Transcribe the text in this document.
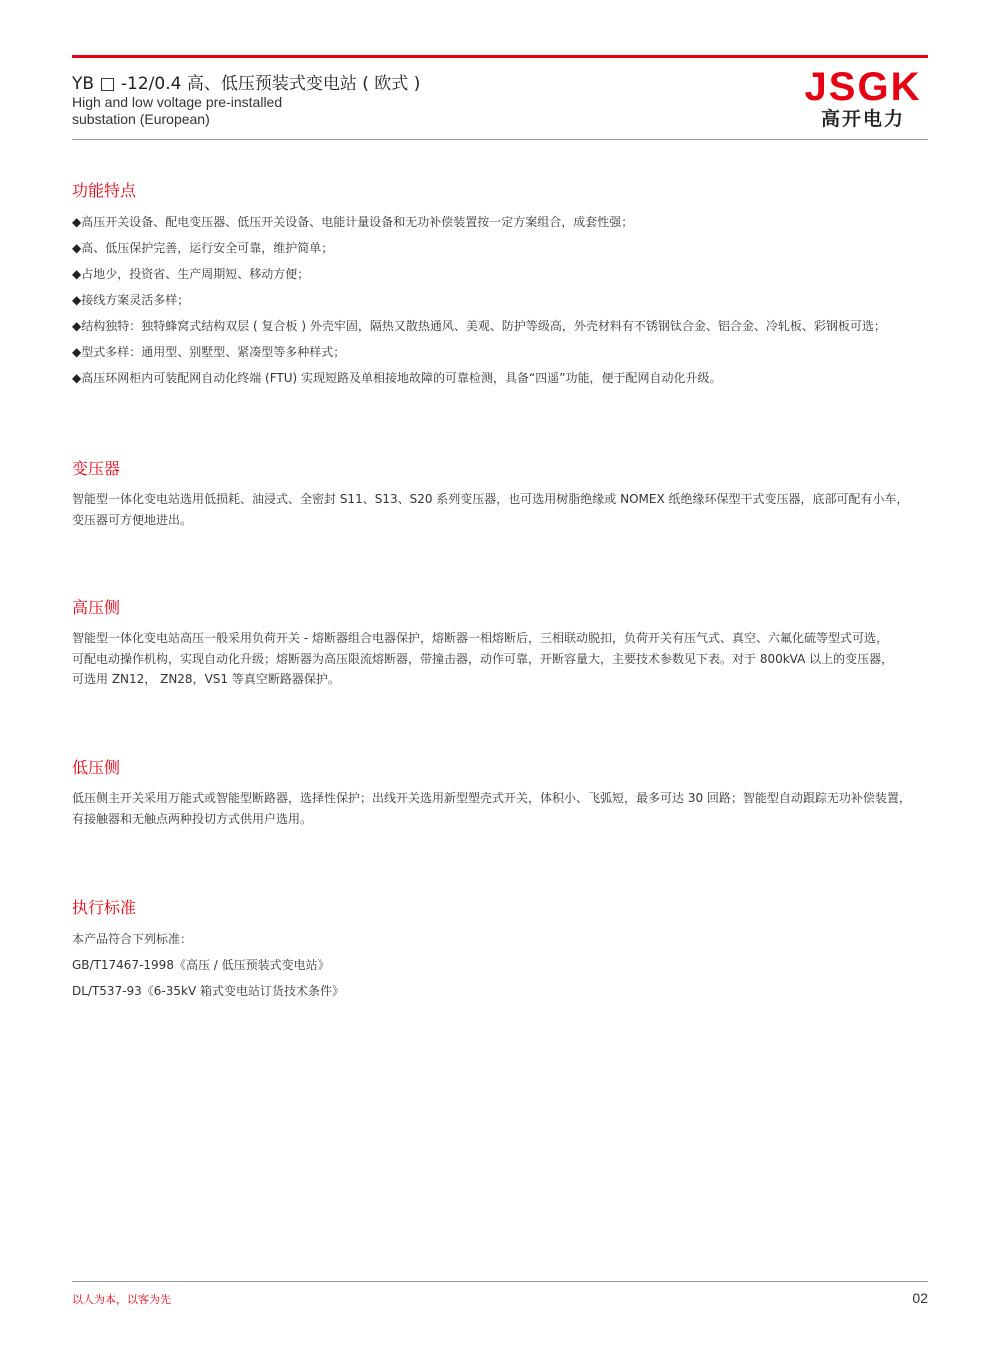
YB □ -12/0.4 高、低压预装式变电站 ( 欧式 )
High and low voltage pre-installed
substation (European)
JSGK
高开电力
功能特点
◆高压开关设备、配电变压器、低压开关设备、电能计量设备和无功补偿装置按一定方案组合，成套性强；
◆高、低压保护完善，运行安全可靠，维护简单；
◆占地少，投资省、生产周期短、移动方便；
◆接线方案灵活多样；
◆结构独特：独特蜂窝式结构双层 ( 复合板 ) 外壳牢固，隔热又散热通风、美观、防护等级高，外壳材料有不锈钢钛合金、铝合金、冷轧板、彩钢板可选；
◆型式多样：通用型、别墅型、紧凑型等多种样式；
◆高压环网柜内可装配网自动化终端 (FTU) 实现短路及单相接地故障的可靠检测，具备“四遥”功能，便于配网自动化升级。
变压器
智能型一体化变电站选用低损耗、油浸式、全密封 S11、S13、S20 系列变压器，也可选用树脂绝缘或 NOMEX 纸绝缘环保型干式变压器，底部可配有小车，
变压器可方便地进出。
高压侧
智能型一体化变电站高压一般采用负荷开关 - 熔断器组合电器保护，熔断器一相熔断后，三相联动脱扣，负荷开关有压气式、真空、六氟化硫等型式可选，
可配电动操作机构，实现自动化升级；熔断器为高压限流熔断器，带撞击器，动作可靠，开断容量大，主要技术参数见下表。对于 800kVA 以上的变压器，
可选用 ZN12， ZN28，VS1 等真空断路器保护。
低压侧
低压侧主开关采用万能式或智能型断路器，选择性保护；出线开关选用新型塑壳式开关，体积小、飞弧短，最多可达 30 回路；智能型自动跟踪无功补偿装置，
有接触器和无触点两种投切方式供用户选用。
执行标准
本产品符合下列标准：
GB/T17467-1998《高压 / 低压预装式变电站》
DL/T537-93《6-35kV 箱式变电站订货技术条件》
以人为本，以客为先	02
